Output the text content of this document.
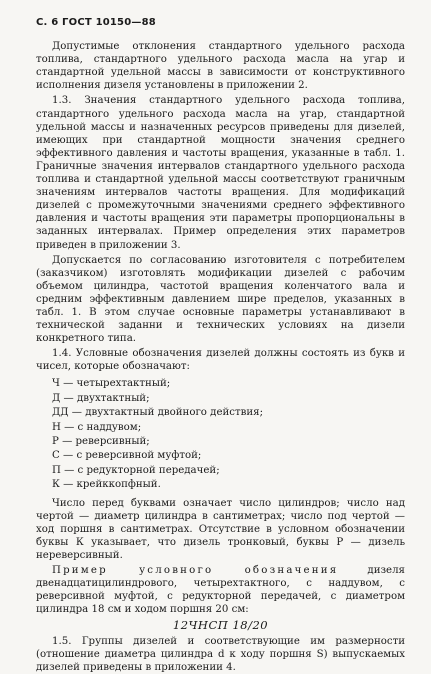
С. 6 ГОСТ 10150—88

Допустимые отклонения стандартного удельного расхода топлива, стандартного удельного расхода масла на угар и стандартной удельной массы в зависимости от конструктивного исполнения дизеля установлены в приложении 2.

1.3. Значения стандартного удельного расхода топлива, стандартного удельного расхода масла на угар, стандартной удельной массы и назначенных ресурсов приведены для дизелей, имеющих при стандартной мощности значения среднего эффективного давления и частоты вращения, указанные в табл. 1. Граничные значения интервалов стандартного удельного расхода топлива и стандартной удельной массы соответствуют граничным значениям интервалов частоты вращения. Для модификаций дизелей с промежуточными значениями среднего эффективного давления и частоты вращения эти параметры пропорциональны в заданных интервалах. Пример определения этих параметров приведен в приложении 3.

Допускается по согласованию изготовителя с потребителем (заказчиком) изготовлять модификации дизелей с рабочим объемом цилиндра, частотой вращения коленчатого вала и средним эффективным давлением шире пределов, указанных в табл. 1. В этом случае основные параметры устанавливают в технической заданни и технических условиях на дизели конкретного типа.

1.4. Условные обозначения дизелей должны состоять из букв и чисел, которые обозначают:

Ч — четырехтактный;
Д — двухтактный;
ДД — двухтактный двойного действия;
Н — с наддувом;
Р — реверсивный;
С — с реверсивной муфтой;
П — с редукторной передачей;
К — крейккопфный.

Число перед буквами означает число цилиндров; число над чертой — диаметр цилиндра в сантиметрах; число под чертой — ход поршня в сантиметрах. Отсутствие в условном обозначении буквы К указывает, что дизель тронковый, буквы Р — дизель нереверсивный.

Пример условного обозначения дизеля двенадцатицилиндрового, четырехтактного, с наддувом, с реверсивной муфтой, с редукторной передачей, с диаметром цилиндра 18 см и ходом поршня 20 см:

12ЧНСП 18/20

1.5. Группы дизелей и соответствующие им размерности (отношение диаметра цилиндра d к ходу поршня S) выпускаемых дизелей приведены в приложении 4.
